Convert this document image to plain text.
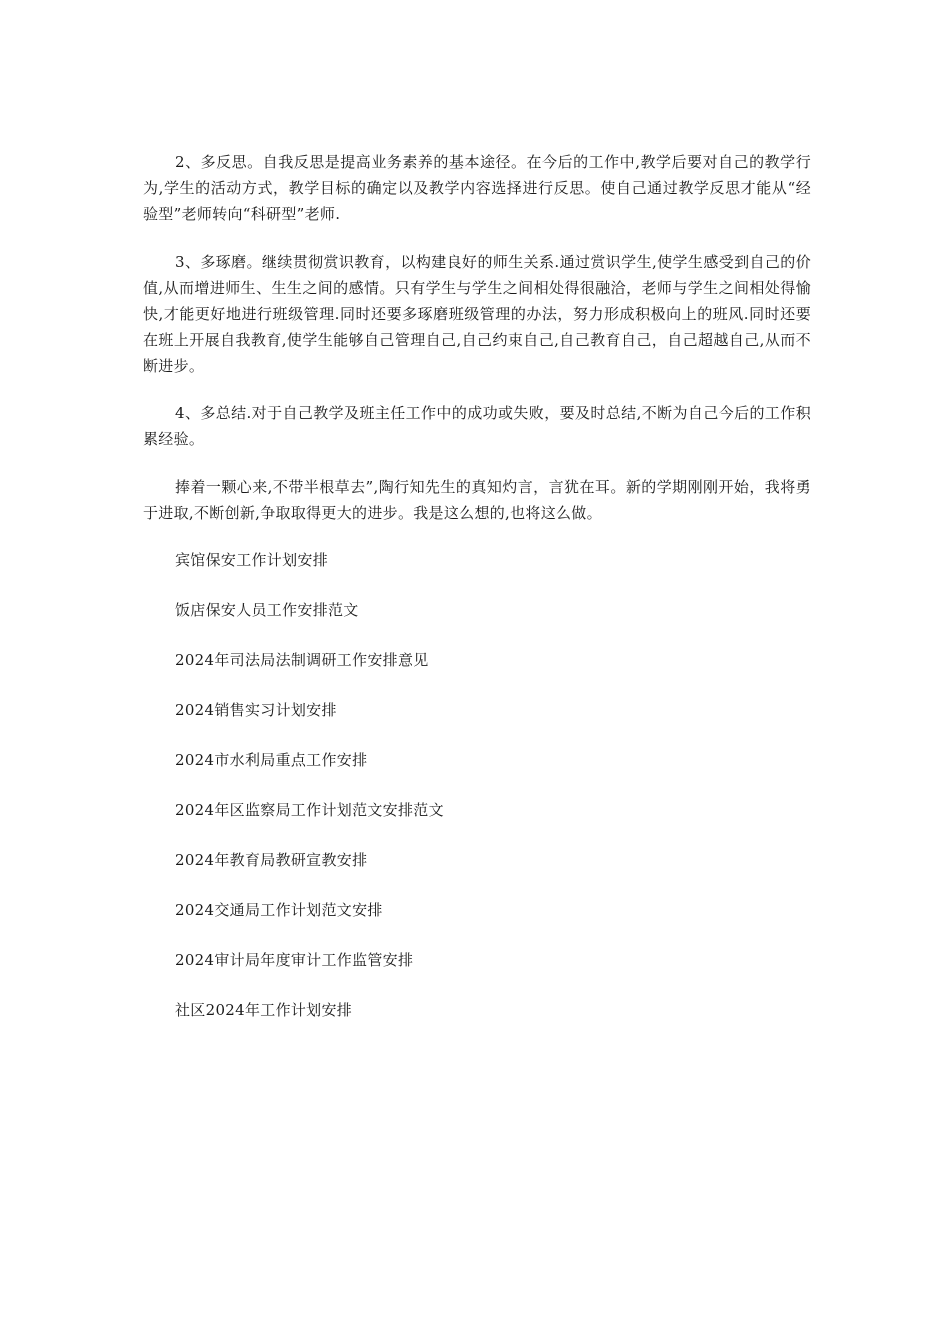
2、多反思。自我反思是提高业务素养的基本途径。在今后的工作中,教学后要对自己的教学行为,学生的活动方式，教学目标的确定以及教学内容选择进行反思。使自己通过教学反思才能从“经验型”老师转向“科研型”老师.

3、多琢磨。继续贯彻赏识教育，以构建良好的师生关系.通过赏识学生,使学生感受到自己的价值,从而增进师生、生生之间的感情。只有学生与学生之间相处得很融洽，老师与学生之间相处得愉快,才能更好地进行班级管理.同时还要多琢磨班级管理的办法，努力形成积极向上的班风.同时还要在班上开展自我教育,使学生能够自己管理自己,自己约束自己,自己教育自己，自己超越自己,从而不断进步。

4、多总结.对于自己教学及班主任工作中的成功或失败，要及时总结,不断为自己今后的工作积累经验。

捧着一颗心来,不带半根草去”,陶行知先生的真知灼言，言犹在耳。新的学期刚刚开始，我将勇于进取,不断创新,争取取得更大的进步。我是这么想的,也将这么做。

宾馆保安工作计划安排
饭店保安人员工作安排范文
2024年司法局法制调研工作安排意见
2024销售实习计划安排
2024市水利局重点工作安排
2024年区监察局工作计划范文安排范文
2024年教育局教研宣教安排
2024交通局工作计划范文安排
2024审计局年度审计工作监管安排
社区2024年工作计划安排
